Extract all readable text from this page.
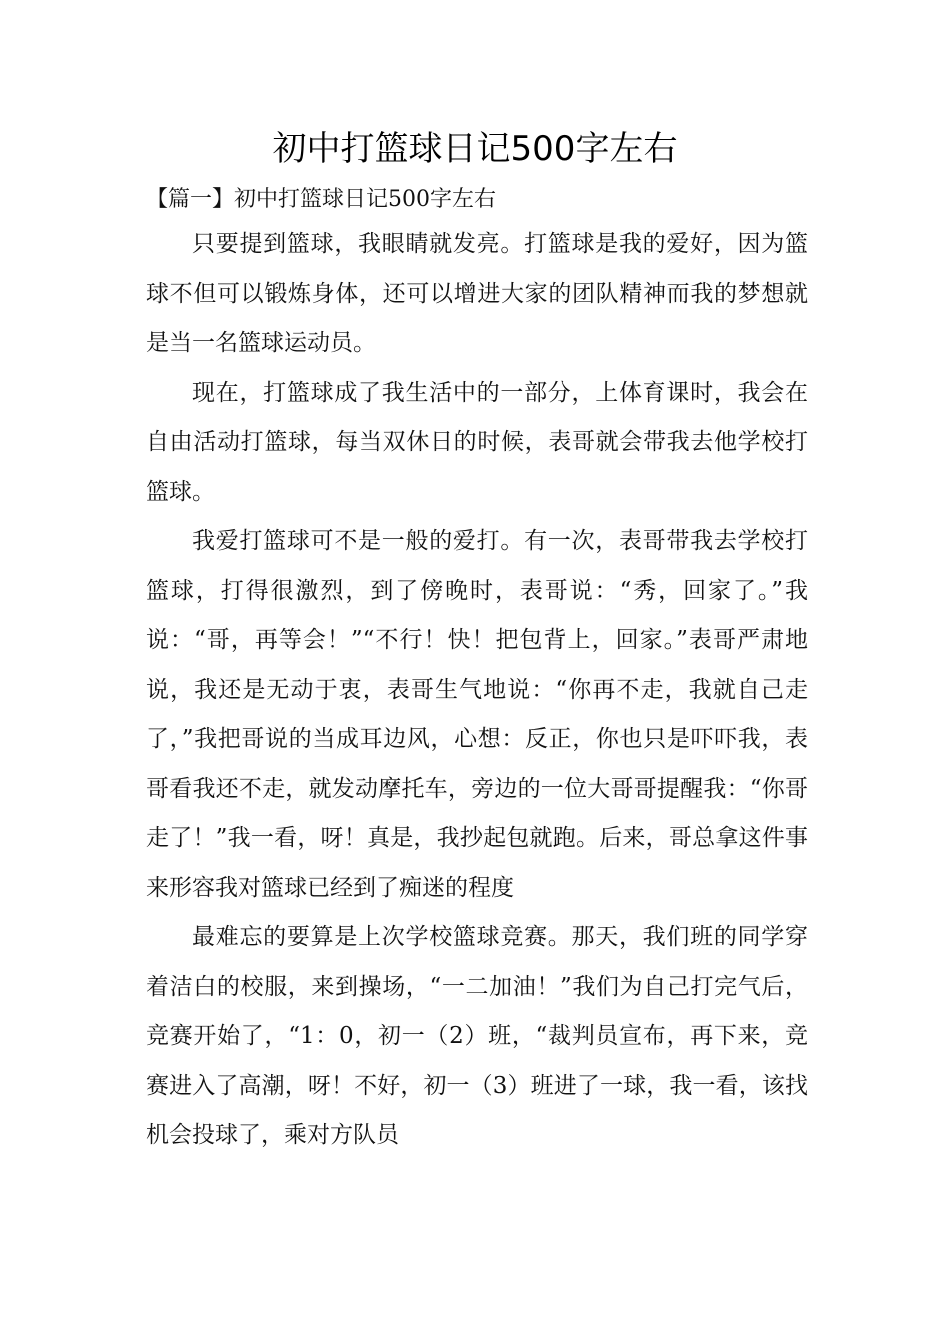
初中打篮球日记500字左右
【篇一】初中打篮球日记500字左右

只要提到篮球，我眼睛就发亮。打篮球是我的爱好，因为篮球不但可以锻炼身体，还可以增进大家的团队精神而我的梦想就是当一名篮球运动员。

现在，打篮球成了我生活中的一部分，上体育课时，我会在自由活动打篮球，每当双休日的时候，表哥就会带我去他学校打篮球。

我爱打篮球可不是一般的爱打。有一次，表哥带我去学校打篮球，打得很激烈，到了傍晚时，表哥说：“秀，回家了。”我说：“哥，再等会！”“不行！快！把包背上，回家。”表哥严肃地说，我还是无动于衷，表哥生气地说：“你再不走，我就自己走了，”我把哥说的当成耳边风，心想：反正，你也只是吓吓我，表哥看我还不走，就发动摩托车，旁边的一位大哥哥提醒我：“你哥走了！”我一看，呀！真是，我抄起包就跑。后来，哥总拿这件事来形容我对篮球已经到了痴迷的程度

最难忘的要算是上次学校篮球竞赛。那天，我们班的同学穿着洁白的校服，来到操场，“一二加油！”我们为自己打完气后，竞赛开始了，“1：0，初一（2）班，“裁判员宣布，再下来，竞赛进入了高潮，呀！不好，初一（3）班进了一球，我一看，该找机会投球了，乘对方队员
